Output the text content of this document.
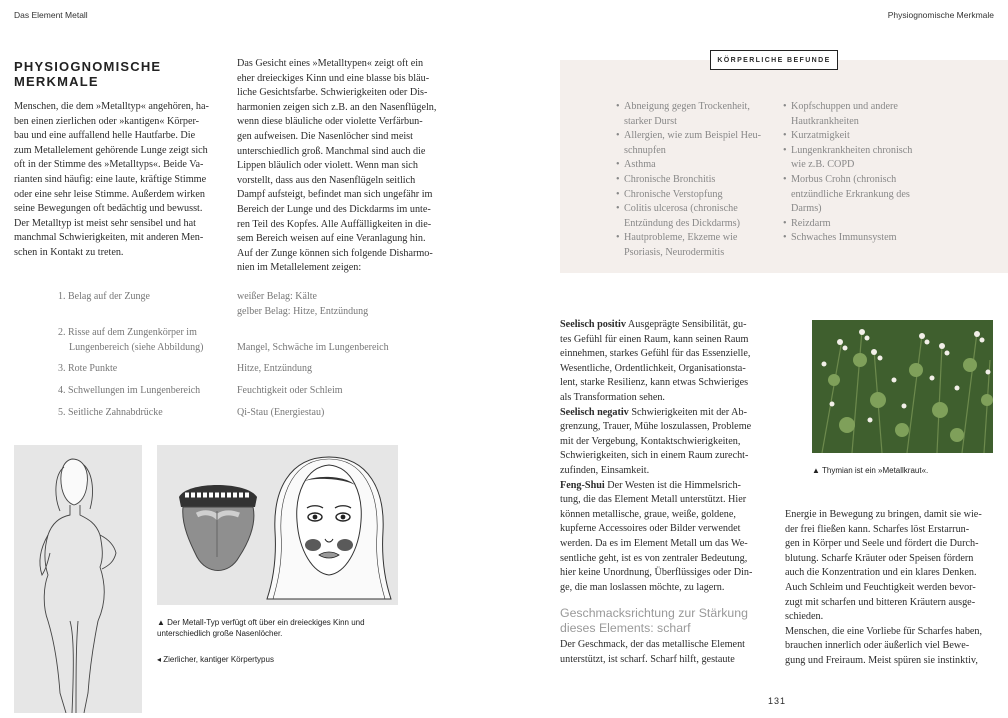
Das Element Metall	Physiognomische Merkmale
PHYSIOGNOMISCHE MERKMALE
Menschen, die dem »Metalltyp« angehören, ha-
ben einen zierlichen oder »kantigen« Körper-
bau und eine auffallend helle Hautfarbe. Die
zum Metallelement gehörende Lunge zeigt sich
oft in der Stimme des »Metalltyps«. Beide Va-
rianten sind häufig: eine laute, kräftige Stimme
oder eine sehr leise Stimme. Außerdem wirken
seine Bewegungen oft bedächtig und bewusst.
Der Metalltyp ist meist sehr sensibel und hat
manchmal Schwierigkeiten, mit anderen Men-
schen in Kontakt zu treten.
Das Gesicht eines »Metalltypen« zeigt oft ein
eher dreieckiges Kinn und eine blasse bis bläu-
liche Gesichtsfarbe. Schwierigkeiten oder Dis-
harmonien zeigen sich z.B. an den Nasenflügeln,
wenn diese bläuliche oder violette Verfärbun-
gen aufweisen. Die Nasenlöcher sind meist
unterschiedlich groß. Manchmal sind auch die
Lippen bläulich oder violett. Wenn man sich
vorstellt, dass aus den Nasenflügeln seitlich
Dampf aufsteigt, befindet man sich ungefähr im
Bereich der Lunge und des Dickdarms im unte-
ren Teil des Kopfes. Alle Auffälligkeiten in die-
sem Bereich weisen auf eine Veranlagung hin.
Auf der Zunge können sich folgende Disharmo-
nien im Metallelement zeigen:
1. Belag auf der Zunge	weißer Belag: Kälte
gelber Belag: Hitze, Entzündung
2. Risse auf dem Zungenkörper im
Lungenbereich (siehe Abbildung)
	Mangel, Schwäche im Lungenbereich
3. Rote Punkte	Hitze, Entzündung
4. Schwellungen im Lungenbereich	Feuchtigkeit oder Schleim
5. Seitliche Zahnabdrücke	Qi-Stau (Energiestau)
▲ Der Metall-Typ verfügt oft über ein dreieckiges Kinn und
unterschiedlich große Nasenlöcher.
◂ Zierlicher, kantiger Körpertypus
KÖRPERLICHE BEFUNDE
• Abneigung gegen Trockenheit,
starker Durst
• Allergien, wie zum Beispiel Heu-
schnupfen
• Asthma
• Chronische Bronchitis
• Chronische Verstopfung
• Colitis ulcerosa (chronische
Entzündung des Dickdarms)
• Hautprobleme, Ekzeme wie
Psoriasis, Neurodermitis
• Kopfschuppen und andere
Hautkrankheiten
• Kurzatmigkeit
• Lungenkrankheiten chronisch
wie z.B. COPD
• Morbus Crohn (chronisch
entzündliche Erkrankung des
Darms)
• Reizdarm
• Schwaches Immunsystem
Seelisch positiv Ausgeprägte Sensibilität, gu-
tes Gefühl für einen Raum, kann seinen Raum
einnehmen, starkes Gefühl für das Essenzielle,
Wesentliche, Ordentlichkeit, Organisationsta-
lent, starke Resilienz, kann etwas Schwieriges
als Transformation sehen.
Seelisch negativ Schwierigkeiten mit der Ab-
grenzung, Trauer, Mühe loszulassen, Probleme
mit der Vergebung, Kontaktschwierigkeiten,
Schwierigkeiten, sich in einem Raum zurecht-
zufinden, Einsamkeit.
Feng-Shui Der Westen ist die Himmelsrich-
tung, die das Element Metall unterstützt. Hier
können metallische, graue, weiße, goldene,
kupferne Accessoires oder Bilder verwendet
werden. Da es im Element Metall um das We-
sentliche geht, ist es von zentraler Bedeutung,
hier keine Unordnung, Überflüssiges oder Din-
ge, die man loslassen möchte, zu lagern.
Geschmacksrichtung zur Stärkung
dieses Elements: scharf
Der Geschmack, der das metallische Element
unterstützt, ist scharf. Scharf hilft, gestaute
▲ Thymian ist ein »Metallkraut«.
Energie in Bewegung zu bringen, damit sie wie-
der frei fließen kann. Scharfes löst Erstarrun-
gen in Körper und Seele und fördert die Durch-
blutung. Scharfe Kräuter oder Speisen fördern
auch die Konzentration und ein klares Denken.
Auch Schleim und Feuchtigkeit werden bevor-
zugt mit scharfen und bitteren Kräutern ausge-
schieden.
Menschen, die eine Vorliebe für Scharfes haben,
brauchen innerlich oder äußerlich viel Bewe-
gung und Freiraum. Meist spüren sie instinktiv,
131
